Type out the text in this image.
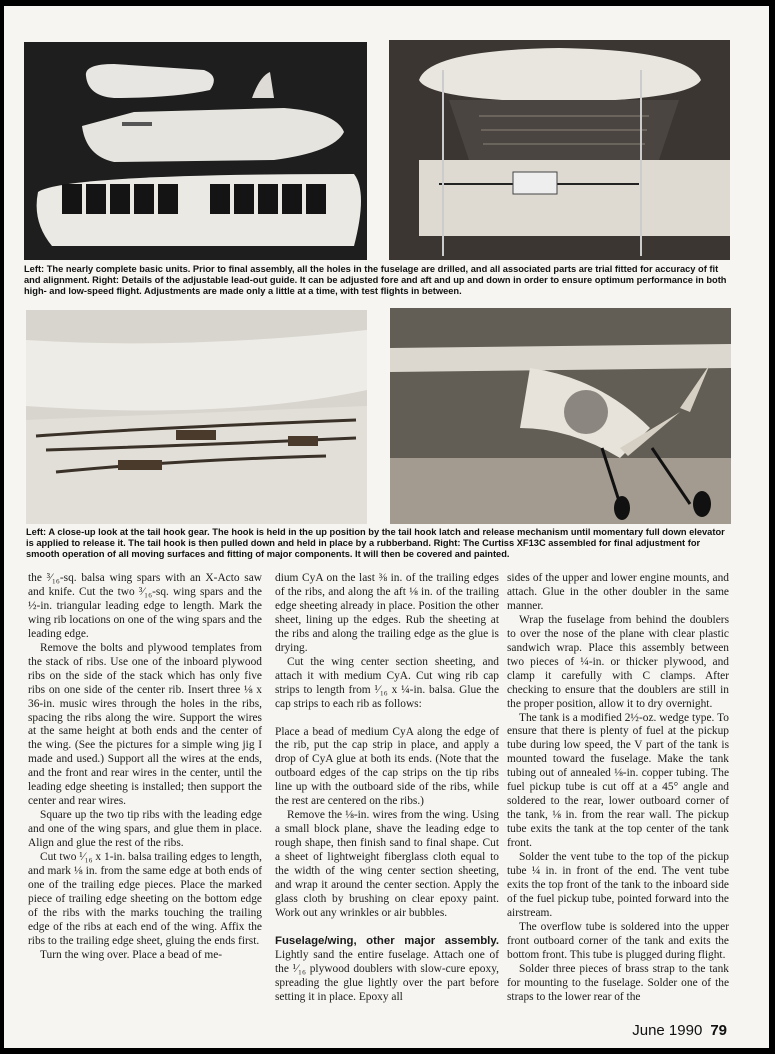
Left: The nearly complete basic units. Prior to final assembly, all the holes in the fuselage are drilled, and all associated parts are trial fitted for accuracy of fit and alignment. Right: Details of the adjustable lead-out guide. It can be adjusted fore and aft and up and down in order to ensure optimum performance in both high- and low-speed flight. Adjustments are made only a little at a time, with test flights in between.
Left: A close-up look at the tail hook gear. The hook is held in the up position by the tail hook latch and release mechanism until momentary full down elevator is applied to release it. The tail hook is then pulled down and held in place by a rubberband. Right: The Curtiss XF13C assembled for final adjustment for smooth operation of all moving surfaces and fitting of major components. It will then be covered and painted.

the ³⁄₁₆-sq. balsa wing spars with an X-Acto saw and knife. Cut the two ³⁄₁₆-sq. wing spars and the ½-in. triangular leading edge to length. Mark the wing rib locations on one of the wing spars and the leading edge.

Remove the bolts and plywood templates from the stack of ribs. Use one of the inboard plywood ribs on the side of the stack which has only five ribs on one side of the center rib. Insert three ⅛ x 36-in. music wires through the holes in the ribs, spacing the ribs along the wire. Support the wires at the same height at both ends and the center of the wing. (See the pictures for a simple wing jig I made and used.) Support all the wires at the ends, and the front and rear wires in the center, until the leading edge sheeting is installed; then support the center and rear wires.

Square up the two tip ribs with the leading edge and one of the wing spars, and glue them in place. Align and glue the rest of the ribs.

Cut two ¹⁄₁₆ x 1-in. balsa trailing edges to length, and mark ⅛ in. from the same edge at both ends of one of the trailing edge pieces. Place the marked piece of trailing edge sheeting on the bottom edge of the ribs with the marks touching the trailing edge of the ribs at each end of the wing. Affix the ribs to the trailing edge sheet, gluing the ends first.

Turn the wing over. Place a bead of me-

dium CyA on the last ⅜ in. of the trailing edges of the ribs, and along the aft ⅛ in. of the trailing edge sheeting already in place. Position the other sheet, lining up the edges. Rub the sheeting at the ribs and along the trailing edge as the glue is drying.

Cut the wing center section sheeting, and attach it with medium CyA. Cut wing rib cap strips to length from ¹⁄₁₆ x ¼-in. balsa. Glue the cap strips to each rib as follows:

Place a bead of medium CyA along the edge of the rib, put the cap strip in place, and apply a drop of CyA glue at both its ends. (Note that the outboard edges of the cap strips on the tip ribs line up with the outboard side of the ribs, while the rest are centered on the ribs.)

Remove the ⅛-in. wires from the wing. Using a small block plane, shave the leading edge to rough shape, then finish sand to final shape. Cut a sheet of lightweight fiberglass cloth equal to the width of the wing center section sheeting, and wrap it around the center section. Apply the glass cloth by brushing on clear epoxy paint. Work out any wrinkles or air bubbles.

Fuselage/wing, other major assembly. Lightly sand the entire fuselage. Attach one of the ¹⁄₁₆ plywood doublers with slow-cure epoxy, spreading the glue lightly over the part before setting it in place. Epoxy all

sides of the upper and lower engine mounts, and attach. Glue in the other doubler in the same manner.

Wrap the fuselage from behind the doublers to over the nose of the plane with clear plastic sandwich wrap. Place this assembly between two pieces of ¼-in. or thicker plywood, and clamp it carefully with C clamps. After checking to ensure that the doublers are still in the proper position, allow it to dry overnight.

The tank is a modified 2½-oz. wedge type. To ensure that there is plenty of fuel at the pickup tube during low speed, the V part of the tank is mounted toward the fuselage. Make the tank tubing out of annealed ⅛-in. copper tubing. The fuel pickup tube is cut off at a 45° angle and soldered to the rear, lower outboard corner of the tank, ⅛ in. from the rear wall. The pickup tube exits the tank at the top center of the tank front.

Solder the vent tube to the top of the pickup tube ¼ in. in front of the end. The vent tube exits the top front of the tank to the inboard side of the fuel pickup tube, pointed forward into the airstream.

The overflow tube is soldered into the upper front outboard corner of the tank and exits the bottom front. This tube is plugged during flight.

Solder three pieces of brass strap to the tank for mounting to the fuselage. Solder one of the straps to the lower rear of the

June 1990 79
